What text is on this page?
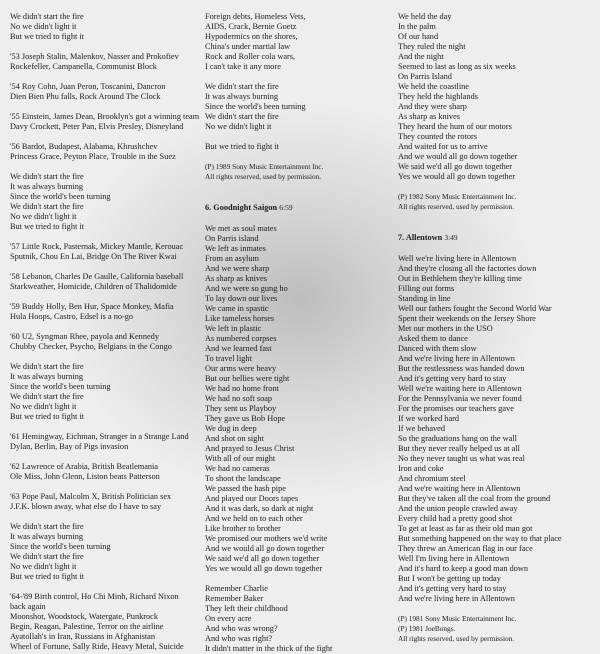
We didn't start the fire
No we didn't light it
But we tried to fight it
'53 Joseph Stalin, Malenkov, Nasser and Prokofiev
Rockefeller, Campanella, Communist Block
'54 Roy Cohn, Juan Peron, Toscanini, Dancron
Dien Bien Phu falls, Rock Around The Clock
'55 Einstein, James Dean, Brooklyn's got a winning team
Davy Crockett, Peter Pan, Elvis Presley, Disneyland
'56 Bardot, Budapest, Alabama, Khrushchev
Princess Grace, Peyton Place, Trouble in the Suez
We didn't start the fire
It was always burning
Since the world's been turning
We didn't start the fire
No we didn't light it
But we tried to fight it
'57 Little Rock, Pasternak, Mickey Mantle, Kerouac
Sputnik, Chou En Lai, Bridge On The River Kwai
'58 Lebanon, Charles De Gaulle, California baseball
Starkweather, Homicide, Children of Thalidomide
'59 Buddy Holly, Ben Hur, Space Monkey, Mafia
Hula Hoops, Castro, Edsel is a no-go
'60 U2, Syngman Rhee, payola and Kennedy
Chubby Checker, Psycho, Belgians in the Congo
We didn't start the fire
It was always burning
Since the world's been turning
We didn't start the fire
No we didn't light it
But we tried to fight it
'61 Hemingway, Eichman, Stranger in a Strange Land
Dylan, Berlin, Bay of Pigs invasion
'62 Lawrence of Arabia, British Beatlemania
Ole Miss, John Glenn, Liston beats Patterson
'63 Pope Paul, Malcolm X, British Politician sex
J.F.K. blown away, what else do I have to say
We didn't start the fire
It was always burning
Since the world's been turning
We didn't start the fire
No we didn't light it
But we tried to fight it
'64-'89 Birth control, Ho Chi Minh, Richard Nixon
back again
Moonshot, Woodstock, Watergate, Punkrock
Begin, Reagan, Palestine, Terror on the airline
Ayatollah's in Iran, Russians in Afghanistan
Wheel of Fortune, Sally Ride, Heavy Metal, Suicide
Foreign debts, Homeless Vets,
AIDS, Crack, Bernie Goetz
Hypodermics on the shores,
China's under martial law
Rock and Roller cola wars,
I can't take it any more
We didn't start the fire
It was always burning
Since the world's been turning
We didn't start the fire
No we didn't light it
But we tried to fight it
(P) 1989 Sony Music Entertainment Inc.
All rights reserved, used by permission.
6. Goodnight Saigon 6:59
We met as soul mates
On Parris island
We left as inmates
From an asylum
And we were sharp
As sharp as knives
And we were so gung ho
To lay down our lives
We came in spastic
Like tameless horses
We left in plastic
As numbered corpses
And we learned fast
To travel light
Our arms were heavy
But our bellies were tight
We had no home front
We had no soft soap
They sent us Playboy
They gave us Bob Hope
We dug in deep
And shot on sight
And prayed to Jesus Christ
With all of our might
We had no cameras
To shoot the landscape
We passed the hash pipe
And played our Doors tapes
And it was dark, so dark at night
And we held on to each other
Like brother to brother
We promised our mothers we'd write
And we would all go down together
We said we'd all go down together
Yes we would all go down together
Remember Charlie
Remember Baker
They left their childhood
On every acre
And who was wrong?
And who was right?
It didn't matter in the thick of the fight
We held the day
In the palm
Of our hand
They ruled the night
And the night
Seemed to last as long as six weeks
On Parris Island
We held the coastline
They held the highlands
And they were sharp
As sharp as knives
They heard the hum of our motors
They counted the rotors
And waited for us to arrive
And we would all go down together
We said we'd all go down together
Yes we would all go down together
(P) 1982 Sony Music Entertainment Inc.
All rights reserved, used by permission.
7. Allentown 3:49
Well we're living here in Allentown
And they're closing all the factories down
Out in Bethlehem they're killing time
Filling out forms
Standing in line
Well our fathers fought the Second World War
Spent their weekends on the Jersey Shore
Met our mothers in the USO
Asked them to dance
Danced with them slow
And we're living here in Allentown
But the restlessness was handed down
And it's getting very hard to stay
Well we're waiting here in Allentown
For the Pennsylvania we never found
For the promises our teachers gave
If we worked hard
If we behaved
So the graduations hang on the wall
But they never really helped us at all
No they never taught us what was real
Iron and coke
And chromium steel
And we're waiting here in Allentown
But they've taken all the coal from the ground
And the union people crawled away
Every child had a pretty good shot
To get at least as far as their old man got
But something happened on the way to that place
They threw an American flag in our face
Well I'm living here in Allentown
And it's hard to keep a good man down
But I won't be getting up today
And it's getting very hard to stay
And we're living here in Allentown
(P) 1981 Sony Music Entertainment Inc.
(P) 1981 JoeBongs.
All rights reserved, used by permission.
